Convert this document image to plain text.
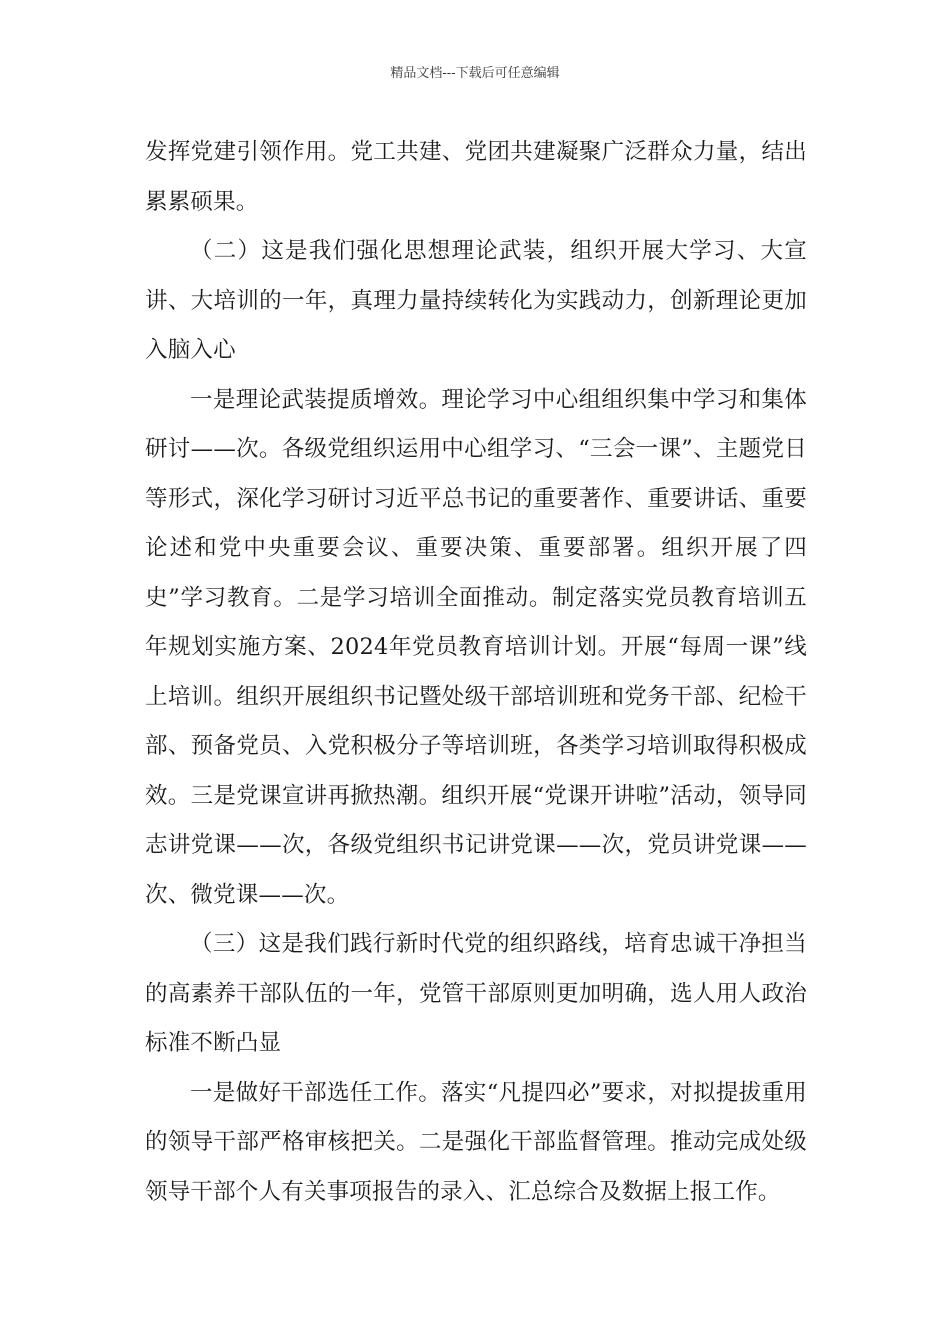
精品文档---下载后可任意编辑

发挥党建引领作用。党工共建、党团共建凝聚广泛群众力量，结出累累硕果。

（二）这是我们强化思想理论武装，组织开展大学习、大宣讲、大培训的一年，真理力量持续转化为实践动力，创新理论更加入脑入心

一是理论武装提质增效。理论学习中心组组织集中学习和集体研讨——次。各级党组织运用中心组学习、“三会一课”、主题党日等形式，深化学习研讨习近平总书记的重要著作、重要讲话、重要论述和党中央重要会议、重要决策、重要部署。组织开展了四史”学习教育。二是学习培训全面推动。制定落实党员教育培训五年规划实施方案、2024年党员教育培训计划。开展“每周一课”线上培训。组织开展组织书记暨处级干部培训班和党务干部、纪检干部、预备党员、入党积极分子等培训班，各类学习培训取得积极成效。三是党课宣讲再掀热潮。组织开展“党课开讲啦”活动，领导同志讲党课——次，各级党组织书记讲党课——次，党员讲党课——次、微党课——次。

（三）这是我们践行新时代党的组织路线，培育忠诚干净担当的高素养干部队伍的一年，党管干部原则更加明确，选人用人政治标准不断凸显

一是做好干部选任工作。落实“凡提四必”要求，对拟提拔重用的领导干部严格审核把关。二是强化干部监督管理。推动完成处级领导干部个人有关事项报告的录入、汇总综合及数据上报工作。
